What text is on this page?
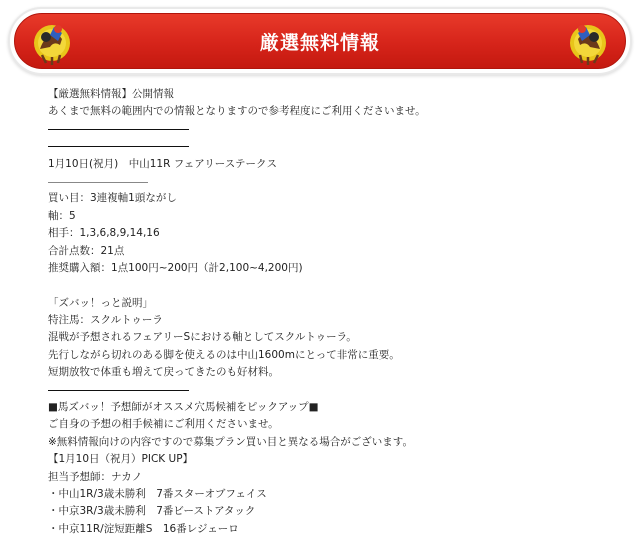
厳選無料情報
【厳選無料情報】公開情報
あくまで無料の範囲内での情報となりますので参考程度にご利用くださいませ。
1月10日(祝月)　中山11R フェアリーステークス
買い目：3連複軸1頭ながし
軸：5
相手：1,3,6,8,9,14,16
合計点数：21点
推奨購入額：1点100円~200円（計2,100~4,200円)
「ズバッ！っと説明」
特注馬：スクルトゥーラ
混戦が予想されるフェアリーSにおける軸としてスクルトゥーラ。
先行しながら切れのある脚を使えるのは中山1600mにとって非常に重要。
短期放牧で体重も増えて戻ってきたのも好材料。
■馬ズバッ！予想師がオススメ穴馬候補をピックアップ■
ご自身の予想の相手候補にご利用くださいませ。
※無料情報向けの内容ですので募集プラン買い目と異なる場合がございます。
【1月10日（祝月）PICK UP】
担当予想師：ナカノ
・中山1R/3歳未勝利　7番スターオブフェイス
・中京3R/3歳未勝利　7番ビーストアタック
・中京11R/淀短距離S　16番レジェーロ
